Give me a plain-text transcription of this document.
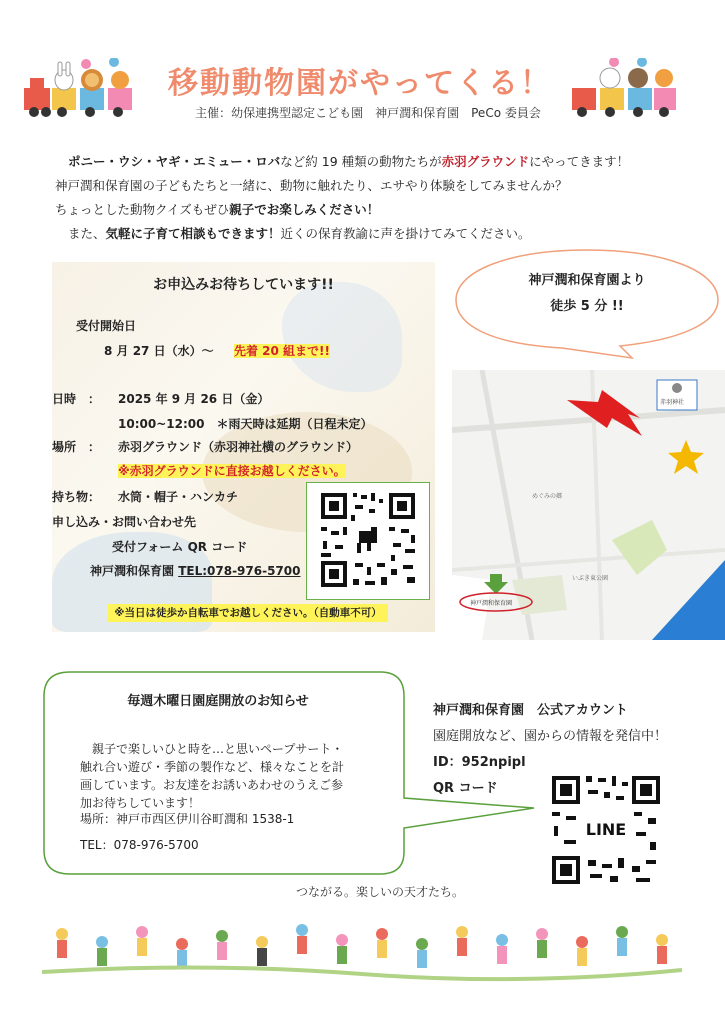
移動動物園がやってくる！
主催：幼保連携型認定こども園　神戸潤和保育園　PeCo 委員会

ポニー・ウシ・ヤギ・エミュー・ロバなど約 19 種類の動物たちが赤羽グラウンドにやってきます！

神戸潤和保育園の子どもたちと一緒に、動物に触れたり、エサやり体験をしてみませんか？

ちょっとした動物クイズもぜひ親子でお楽しみください！

また、気軽に子育て相談もできます！近くの保育教諭に声を掛けてみてください。

お申込みお待ちしています!!
受付開始日
8 月 27 日（水）～ 先着 20 組まで!!
日時　： 2025 年 9 月 26 日（金）
10:00~12:00　＊雨天時は延期（日程未定）
場所　： 赤羽グラウンド（赤羽神社横のグラウンド）
※赤羽グラウンドに直接お越しください。
持ち物： 水筒・帽子・ハンカチ
申し込み・お問い合わせ先
受付フォーム QR コード
神戸潤和保育園 TEL:078-976-5700
※当日は徒歩か自転車でお越しください。（自動車不可）
赤羽神社
めぐみの郷
いぶき東公園
神戸潤和保育園
神戸潤和保育園より
徒歩 5 分 !!
毎週木曜日園庭開放のお知らせ
親子で楽しいひと時を…と思いペープサート・
触れ合い遊び・季節の製作など、様々なことを計
画しています。お友達をお誘いあわせのうえご参
加お待ちしています！
場所：神戸市西区伊川谷町潤和 1538-1
TEL：078-976-5700
神戸潤和保育園　公式アカウント
園庭開放など、園からの情報を発信中！
ID：952npipl
QR コード
LINE
つながる。楽しいの天才たち。
